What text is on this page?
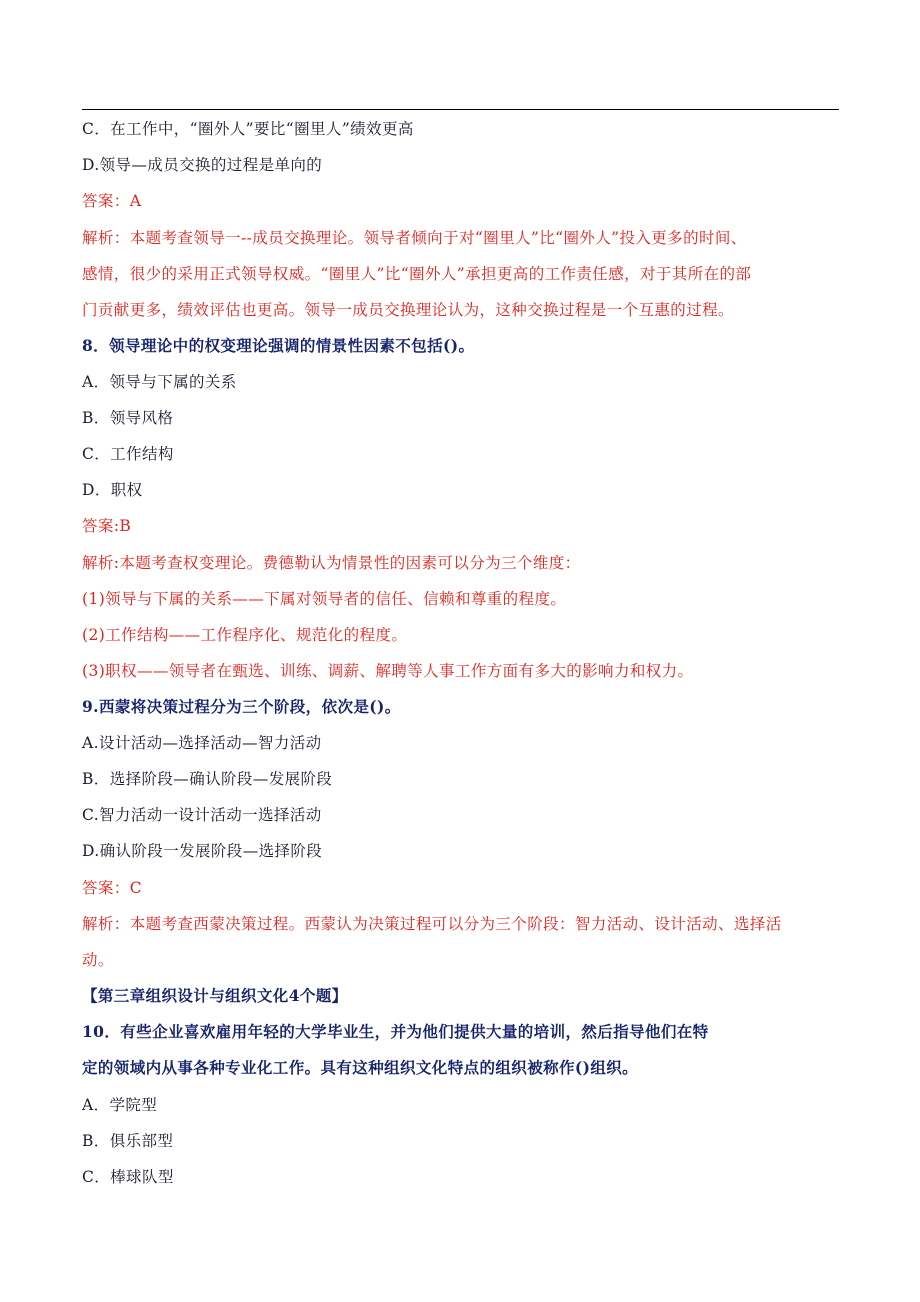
C．在工作中，“圈外人”要比“圈里人”绩效更高
D.领导—成员交换的过程是单向的
答案：A
解析：本题考查领导一--成员交换理论。领导者倾向于对“圈里人”比“圈外人”投入更多的时间、
感情，很少的采用正式领导权威。“圈里人”比“圈外人”承担更高的工作责任感，对于其所在的部
门贡献更多，绩效评估也更高。领导一成员交换理论认为，这种交换过程是一个互惠的过程。
8．领导理论中的权变理论强调的情景性因素不包括()。
A．领导与下属的关系
B．领导风格
C．工作结构
D．职权
答案:B
解析:本题考查权变理论。费德勒认为情景性的因素可以分为三个维度：
(1)领导与下属的关系——下属对领导者的信任、信赖和尊重的程度。
(2)工作结构——工作程序化、规范化的程度。
(3)职权——领导者在甄选、训练、调薪、解聘等人事工作方面有多大的影响力和权力。
9.西蒙将决策过程分为三个阶段，依次是()。
A.设计活动—选择活动—智力活动
B．选择阶段—确认阶段—发展阶段
C.智力活动一设计活动一选择活动
D.确认阶段一发展阶段—选择阶段
答案：C
解析：本题考查西蒙决策过程。西蒙认为决策过程可以分为三个阶段：智力活动、设计活动、选择活
动。
【第三章组织设计与组织文化4个题】
10．有些企业喜欢雇用年轻的大学毕业生，并为他们提供大量的培训，然后指导他们在特
定的领域内从事各种专业化工作。具有这种组织文化特点的组织被称作()组织。
A．学院型
B．俱乐部型
C．棒球队型
